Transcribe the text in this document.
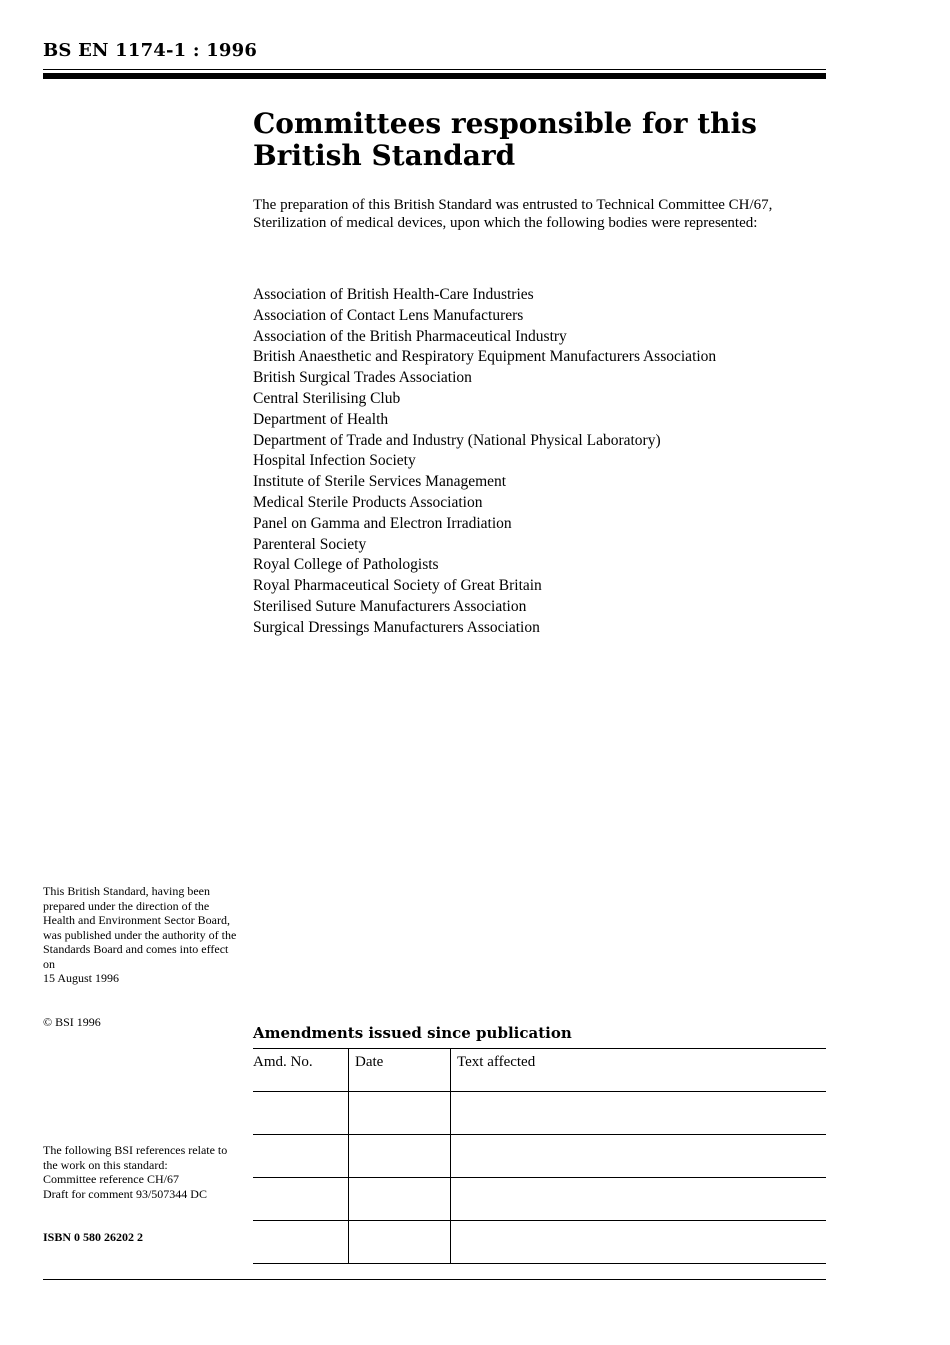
BS EN 1174-1 : 1996
Committees responsible for this
British Standard

The preparation of this British Standard was entrusted to Technical Committee CH/67, Sterilization of medical devices, upon which the following bodies were represented:

Association of British Health-Care Industries
Association of Contact Lens Manufacturers
Association of the British Pharmaceutical Industry
British Anaesthetic and Respiratory Equipment Manufacturers Association
British Surgical Trades Association
Central Sterilising Club
Department of Health
Department of Trade and Industry (National Physical Laboratory)
Hospital Infection Society
Institute of Sterile Services Management
Medical Sterile Products Association
Panel on Gamma and Electron Irradiation
Parenteral Society
Royal College of Pathologists
Royal Pharmaceutical Society of Great Britain
Sterilised Suture Manufacturers Association
Surgical Dressings Manufacturers Association
This British Standard, having been prepared under the direction of the Health and Environment Sector Board, was published under the authority of the Standards Board and comes into effect on
15 August 1996
© BSI 1996
The following BSI references relate to the work on this standard:
Committee reference CH/67
Draft for comment 93/507344 DC
ISBN 0 580 26202 2
Amendments issued since publication
Amd. No.	Date	Text affected
